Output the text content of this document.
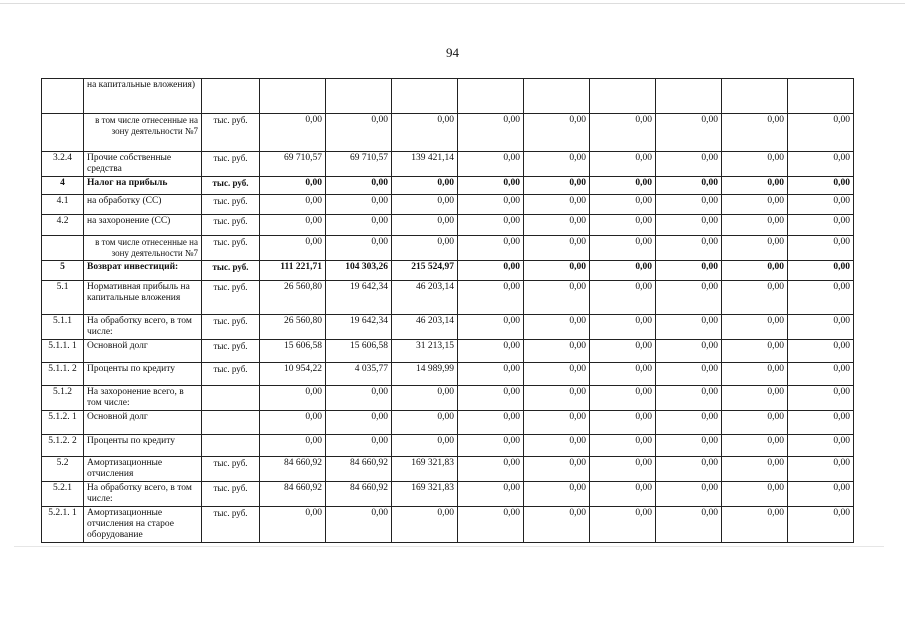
94
	на капитальные вложения)										
	в том числе отнесенные на зону деятельности №7	тыс. руб.	0,00	0,00	0,00	0,00	0,00	0,00	0,00	0,00	0,00
3.2.4	Прочие собственные средства	тыс. руб.	69 710,57	69 710,57	139 421,14	0,00	0,00	0,00	0,00	0,00	0,00
4	Налог на прибыль	тыс. руб.	0,00	0,00	0,00	0,00	0,00	0,00	0,00	0,00	0,00
4.1	на обработку (СС)	тыс. руб.	0,00	0,00	0,00	0,00	0,00	0,00	0,00	0,00	0,00
4.2	на захоронение (СС)	тыс. руб.	0,00	0,00	0,00	0,00	0,00	0,00	0,00	0,00	0,00
	в том числе отнесенные на зону деятельности №7	тыс. руб.	0,00	0,00	0,00	0,00	0,00	0,00	0,00	0,00	0,00
5	Возврат инвестиций:	тыс. руб.	111 221,71	104 303,26	215 524,97	0,00	0,00	0,00	0,00	0,00	0,00
5.1	Нормативная прибыль на капитальные вложения	тыс. руб.	26 560,80	19 642,34	46 203,14	0,00	0,00	0,00	0,00	0,00	0,00
5.1.1	На обработку всего, в том числе:	тыс. руб.	26 560,80	19 642,34	46 203,14	0,00	0,00	0,00	0,00	0,00	0,00
5.1.1. 1	Основной долг	тыс. руб.	15 606,58	15 606,58	31 213,15	0,00	0,00	0,00	0,00	0,00	0,00
5.1.1. 2	Проценты по кредиту	тыс. руб.	10 954,22	4 035,77	14 989,99	0,00	0,00	0,00	0,00	0,00	0,00
5.1.2	На захоронение всего, в том числе:		0,00	0,00	0,00	0,00	0,00	0,00	0,00	0,00	0,00
5.1.2. 1	Основной долг		0,00	0,00	0,00	0,00	0,00	0,00	0,00	0,00	0,00
5.1.2. 2	Проценты по кредиту		0,00	0,00	0,00	0,00	0,00	0,00	0,00	0,00	0,00
5.2	Амортизационные отчисления	тыс. руб.	84 660,92	84 660,92	169 321,83	0,00	0,00	0,00	0,00	0,00	0,00
5.2.1	На обработку всего, в том числе:	тыс. руб.	84 660,92	84 660,92	169 321,83	0,00	0,00	0,00	0,00	0,00	0,00
5.2.1. 1	Амортизационные отчисления на старое оборудование	тыс. руб.	0,00	0,00	0,00	0,00	0,00	0,00	0,00	0,00	0,00
